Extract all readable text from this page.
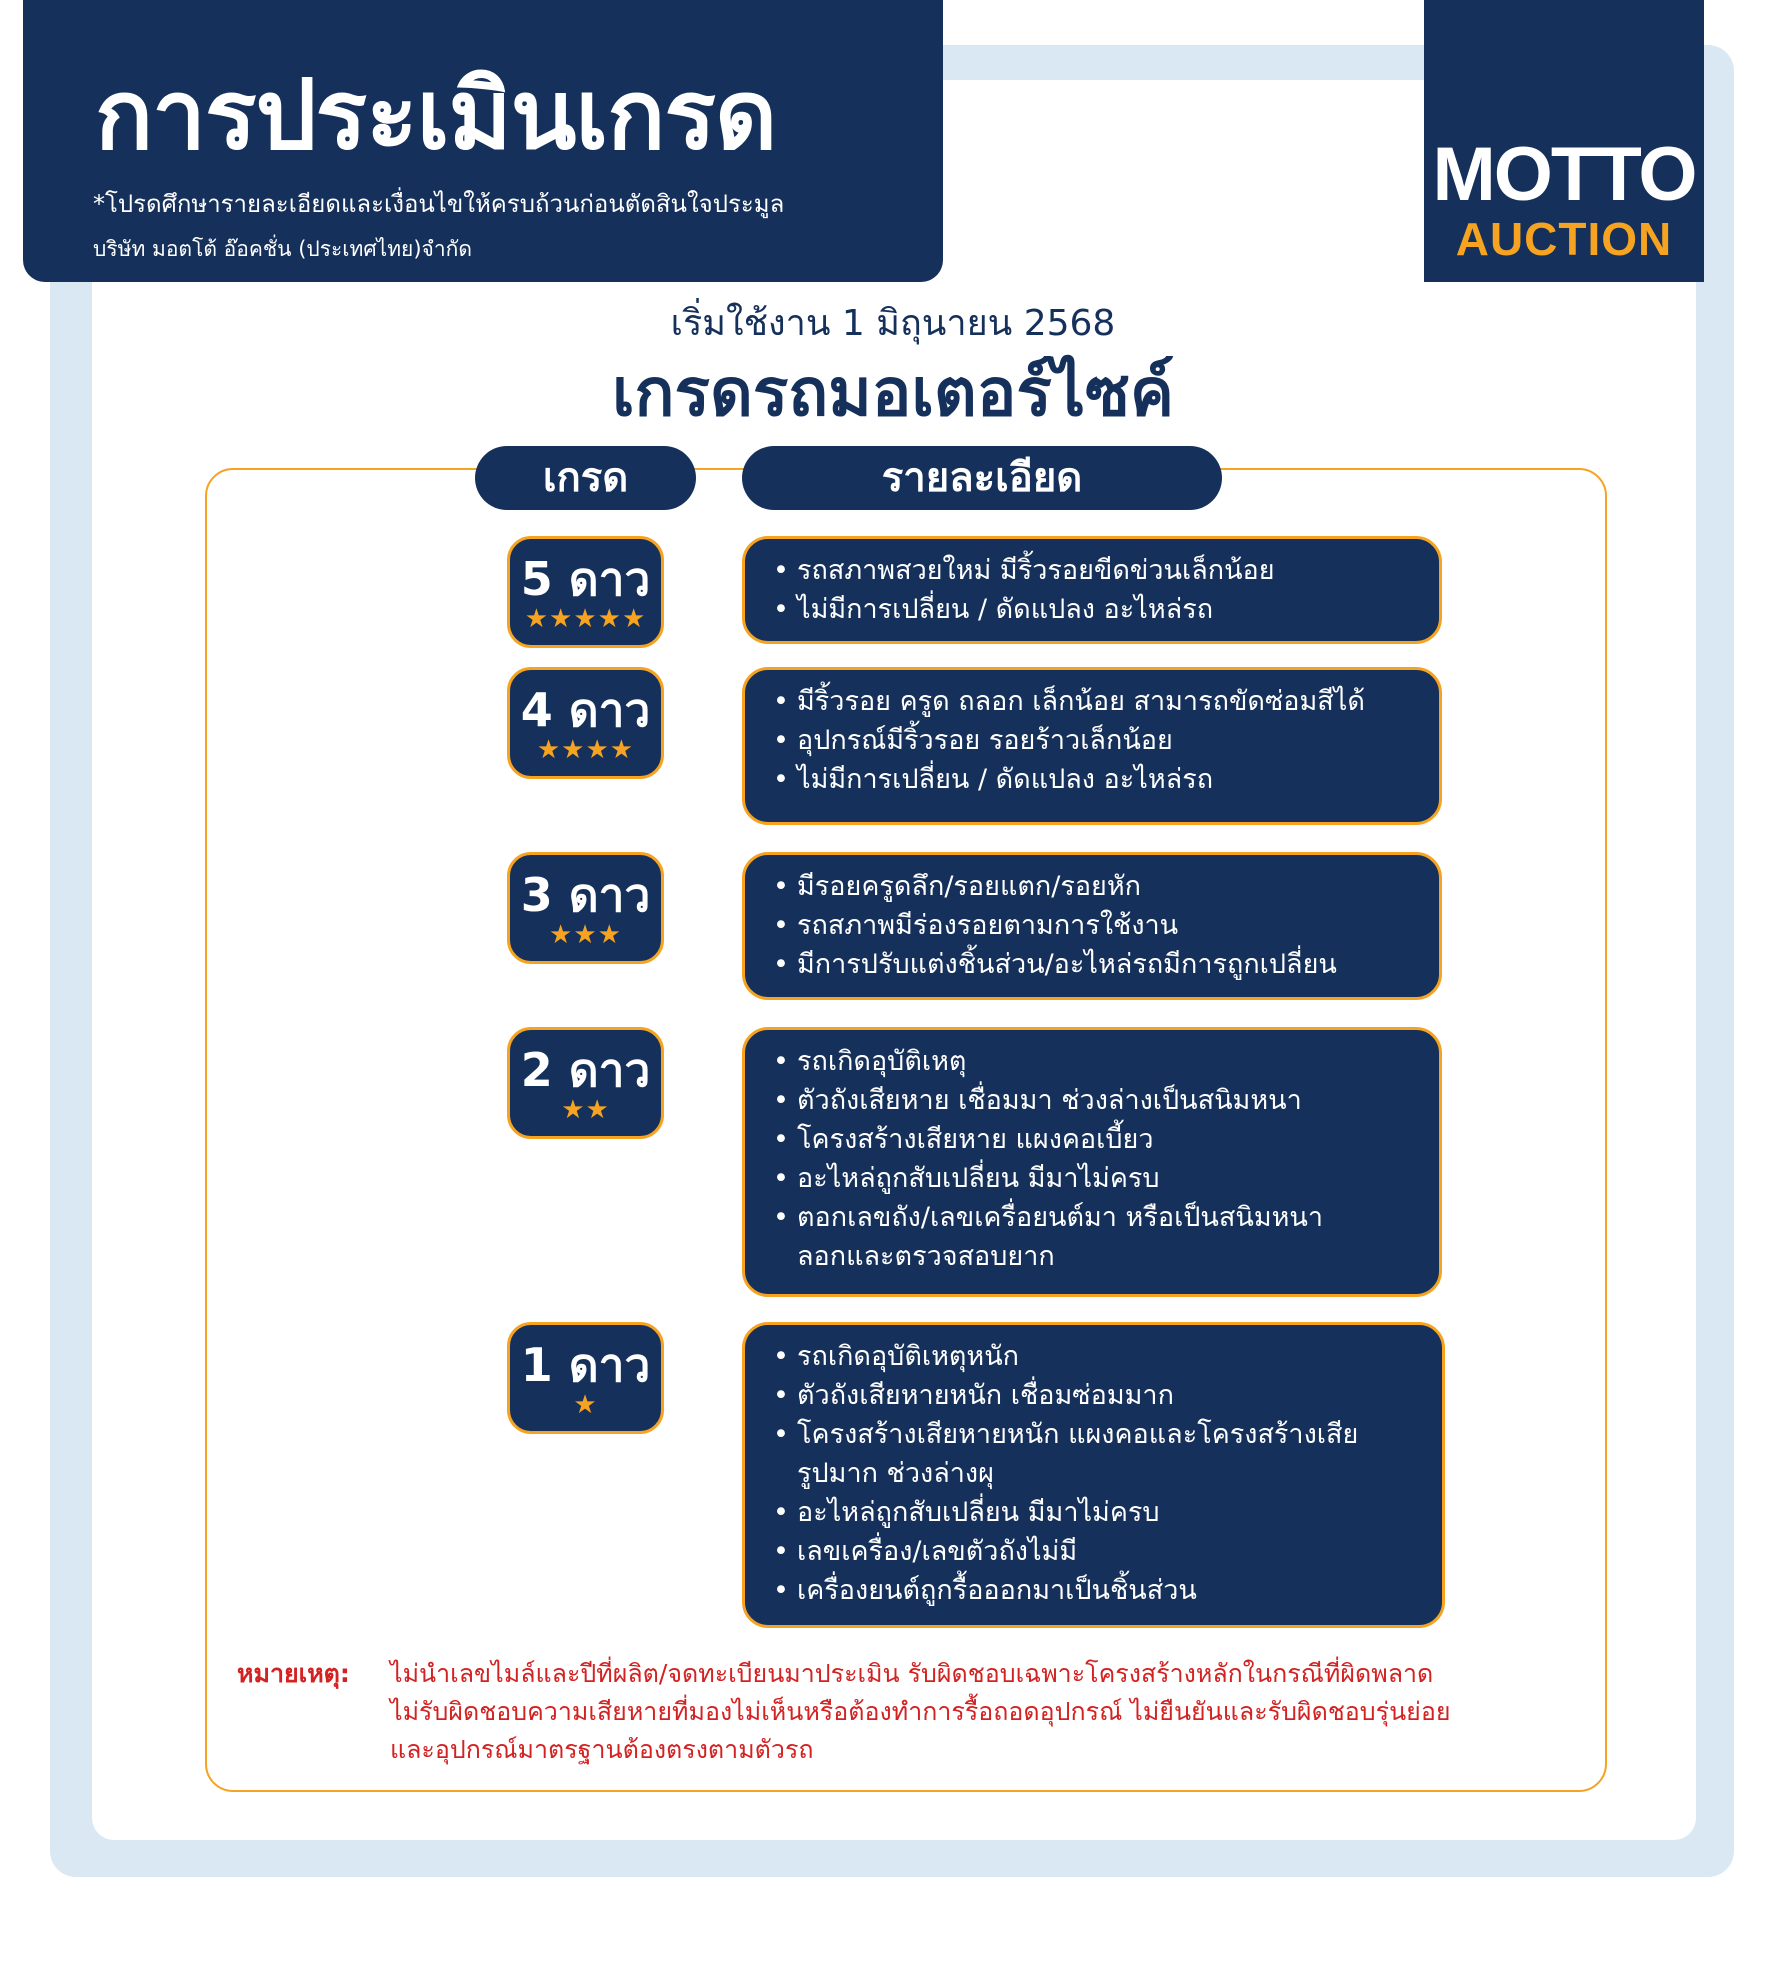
การประเมินเกรด
*โปรดศึกษารายละเอียดและเงื่อนไขให้ครบถ้วนก่อนตัดสินใจประมูล
บริษัท มอตโต้ อ๊อคชั่น (ประเทศไทย)จำกัด
MOTTO
AUCTION
เริ่มใช้งาน 1 มิถุนายน 2568
เกรดรถมอเตอร์ไซค์
เกรด	รายละเอียด
5 ดาว
★★★★★
• รถสภาพสวยใหม่ มีริ้วรอยขีดข่วนเล็กน้อย
• ไม่มีการเปลี่ยน / ดัดแปลง อะไหล่รถ
4 ดาว
★★★★
• มีริ้วรอย ครูด ถลอก เล็กน้อย สามารถขัดซ่อมสีได้
• อุปกรณ์มีริ้วรอย รอยร้าวเล็กน้อย
• ไม่มีการเปลี่ยน / ดัดแปลง อะไหล่รถ
3 ดาว
★★★
• มีรอยครูดลึก/รอยแตก/รอยหัก
• รถสภาพมีร่องรอยตามการใช้งาน
• มีการปรับแต่งชิ้นส่วน/อะไหล่รถมีการถูกเปลี่ยน
2 ดาว
★★
• รถเกิดอุบัติเหตุ
• ตัวถังเสียหาย เชื่อมมา ช่วงล่างเป็นสนิมหนา
• โครงสร้างเสียหาย แผงคอเบี้ยว
• อะไหล่ถูกสับเปลี่ยน มีมาไม่ครบ
• ตอกเลขถัง/เลขเครื่อยนต์มา หรือเป็นสนิมหนา
ลอกและตรวจสอบยาก
1 ดาว
★
• รถเกิดอุบัติเหตุหนัก
• ตัวถังเสียหายหนัก เชื่อมซ่อมมาก
• โครงสร้างเสียหายหนัก แผงคอและโครงสร้างเสีย
รูปมาก ช่วงล่างผุ
• อะไหล่ถูกสับเปลี่ยน มีมาไม่ครบ
• เลขเครื่อง/เลขตัวถังไม่มี
• เครื่องยนต์ถูกรื้อออกมาเป็นชิ้นส่วน
หมายเหตุ: ไม่นำเลขไมล์และปีที่ผลิต/จดทะเบียนมาประเมิน รับผิดชอบเฉพาะโครงสร้างหลักในกรณีที่ผิดพลาด
ไม่รับผิดชอบความเสียหายที่มองไม่เห็นหรือต้องทำการรื้อถอดอุปกรณ์ ไม่ยืนยันและรับผิดชอบรุ่นย่อย
และอุปกรณ์มาตรฐานต้องตรงตามตัวรถ
